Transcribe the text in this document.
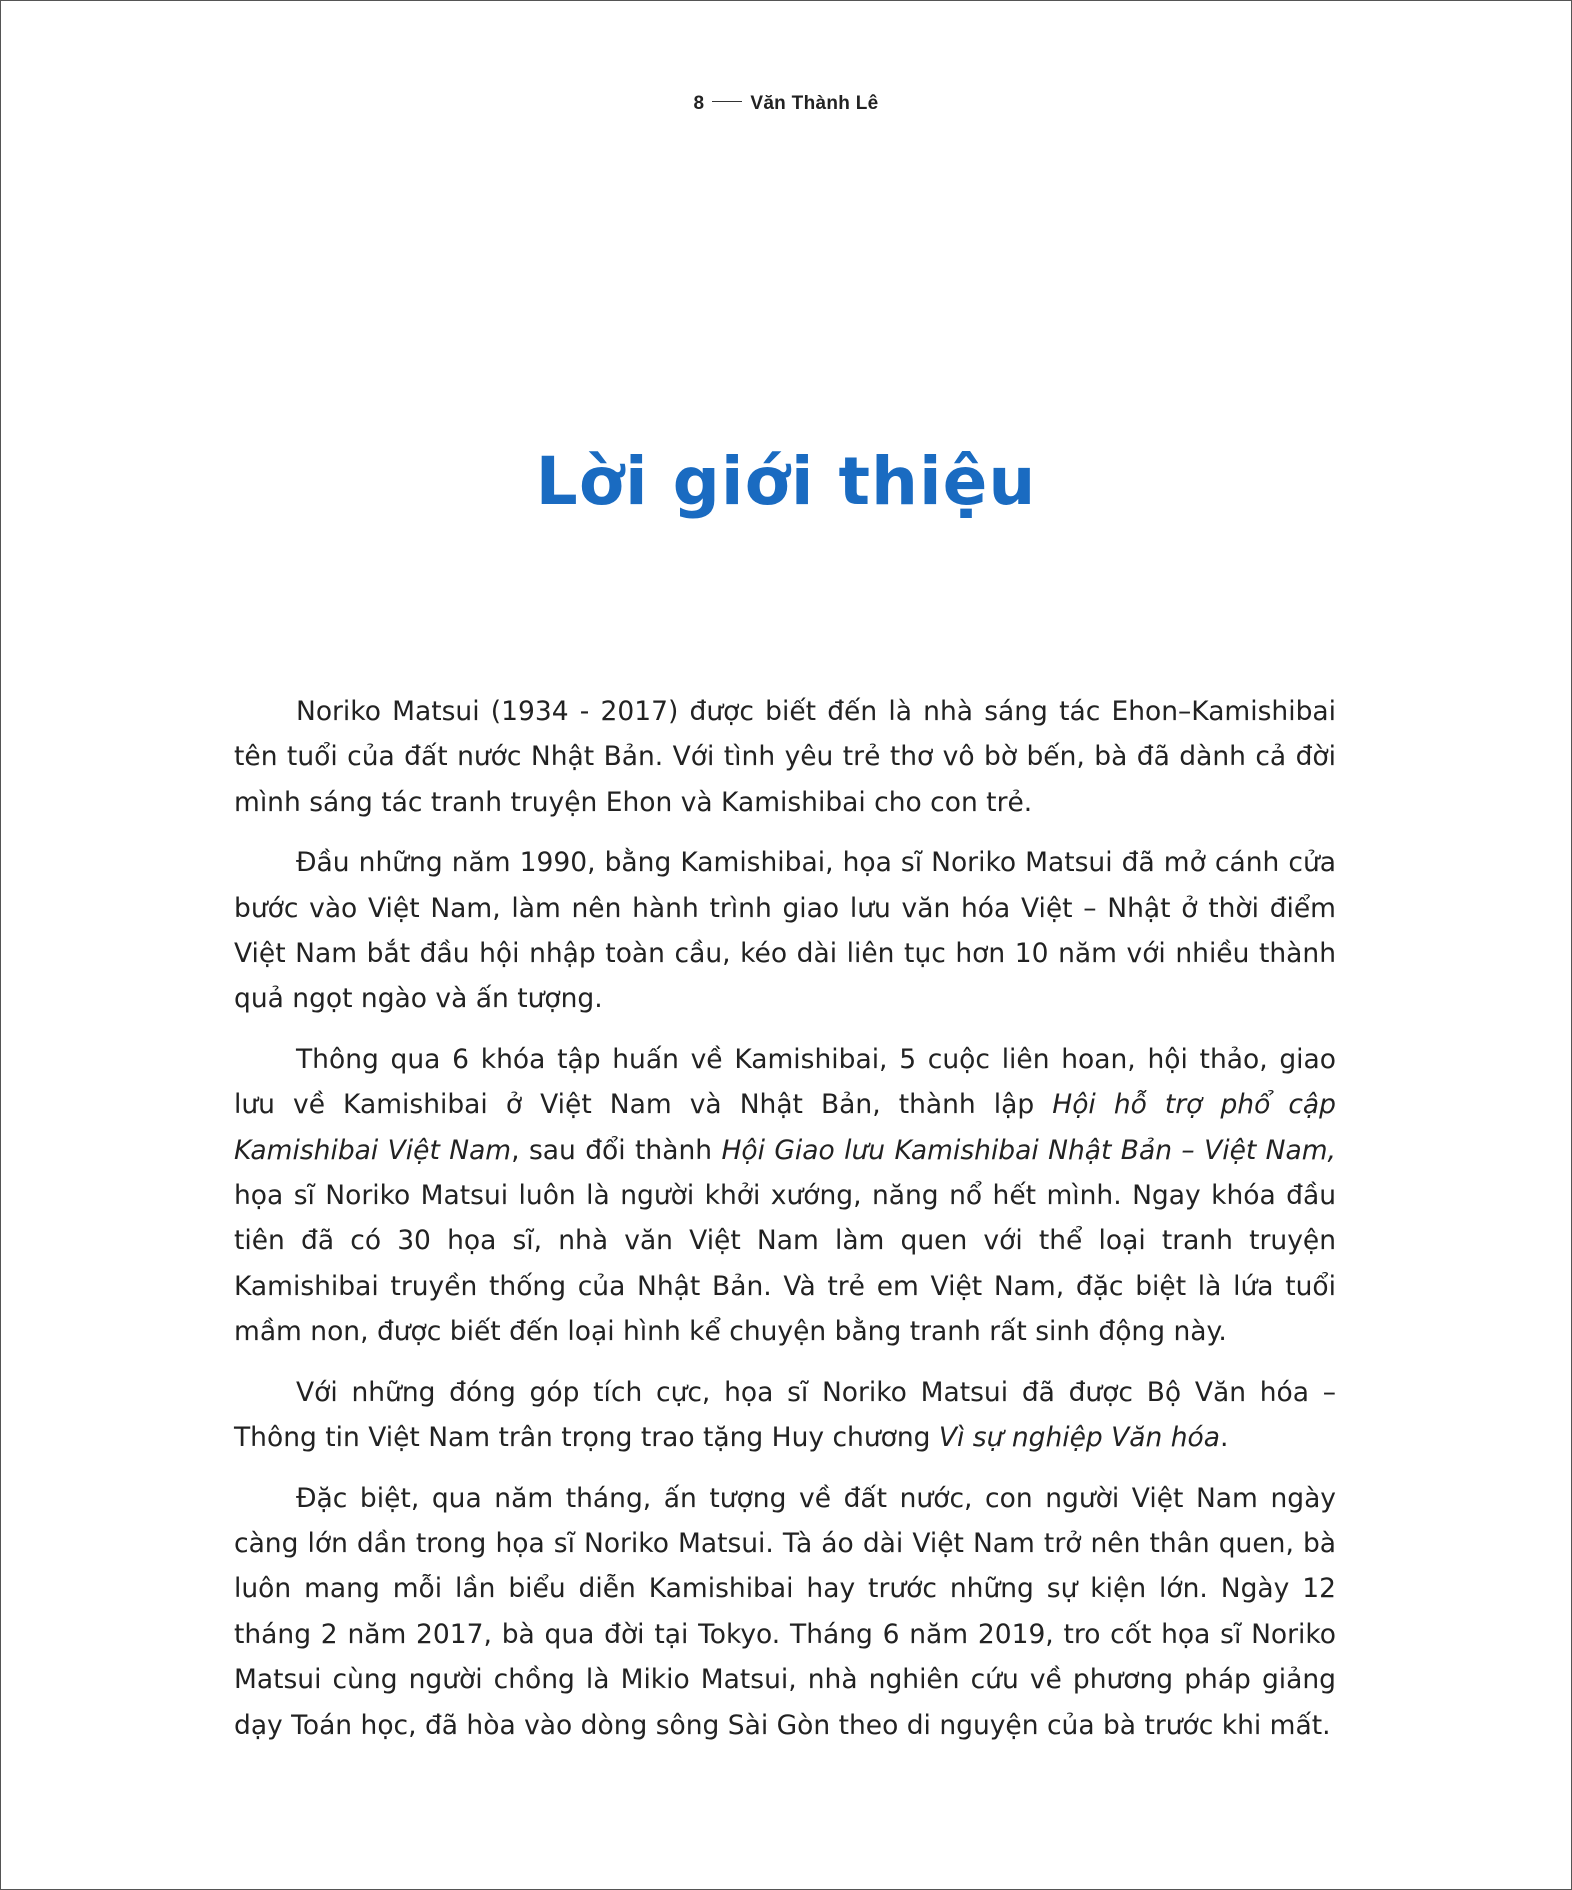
8 Văn Thành Lê
Lời giới thiệu

Noriko Matsui (1934 - 2017) được biết đến là nhà sáng tác Ehon–Kamishibai tên tuổi của đất nước Nhật Bản. Với tình yêu trẻ thơ vô bờ bến, bà đã dành cả đời mình sáng tác tranh truyện Ehon và Kamishibai cho con trẻ.

Đầu những năm 1990, bằng Kamishibai, họa sĩ Noriko Matsui đã mở cánh cửa bước vào Việt Nam, làm nên hành trình giao lưu văn hóa Việt – Nhật ở thời điểm Việt Nam bắt đầu hội nhập toàn cầu, kéo dài liên tục hơn 10 năm với nhiều thành quả ngọt ngào và ấn tượng.

Thông qua 6 khóa tập huấn về Kamishibai, 5 cuộc liên hoan, hội thảo, giao lưu về Kamishibai ở Việt Nam và Nhật Bản, thành lập Hội hỗ trợ phổ cập Kamishibai Việt Nam, sau đổi thành Hội Giao lưu Kamishibai Nhật Bản – Việt Nam, họa sĩ Noriko Matsui luôn là người khởi xướng, năng nổ hết mình. Ngay khóa đầu tiên đã có 30 họa sĩ, nhà văn Việt Nam làm quen với thể loại tranh truyện Kamishibai truyền thống của Nhật Bản. Và trẻ em Việt Nam, đặc biệt là lứa tuổi mầm non, được biết đến loại hình kể chuyện bằng tranh rất sinh động này.

Với những đóng góp tích cực, họa sĩ Noriko Matsui đã được Bộ Văn hóa – Thông tin Việt Nam trân trọng trao tặng Huy chương Vì sự nghiệp Văn hóa.

Đặc biệt, qua năm tháng, ấn tượng về đất nước, con người Việt Nam ngày càng lớn dần trong họa sĩ Noriko Matsui. Tà áo dài Việt Nam trở nên thân quen, bà luôn mang mỗi lần biểu diễn Kamishibai hay trước những sự kiện lớn. Ngày 12 tháng 2 năm 2017, bà qua đời tại Tokyo. Tháng 6 năm 2019, tro cốt họa sĩ Noriko Matsui cùng người chồng là Mikio Matsui, nhà nghiên cứu về phương pháp giảng dạy Toán học, đã hòa vào dòng sông Sài Gòn theo di nguyện của bà trước khi mất.
